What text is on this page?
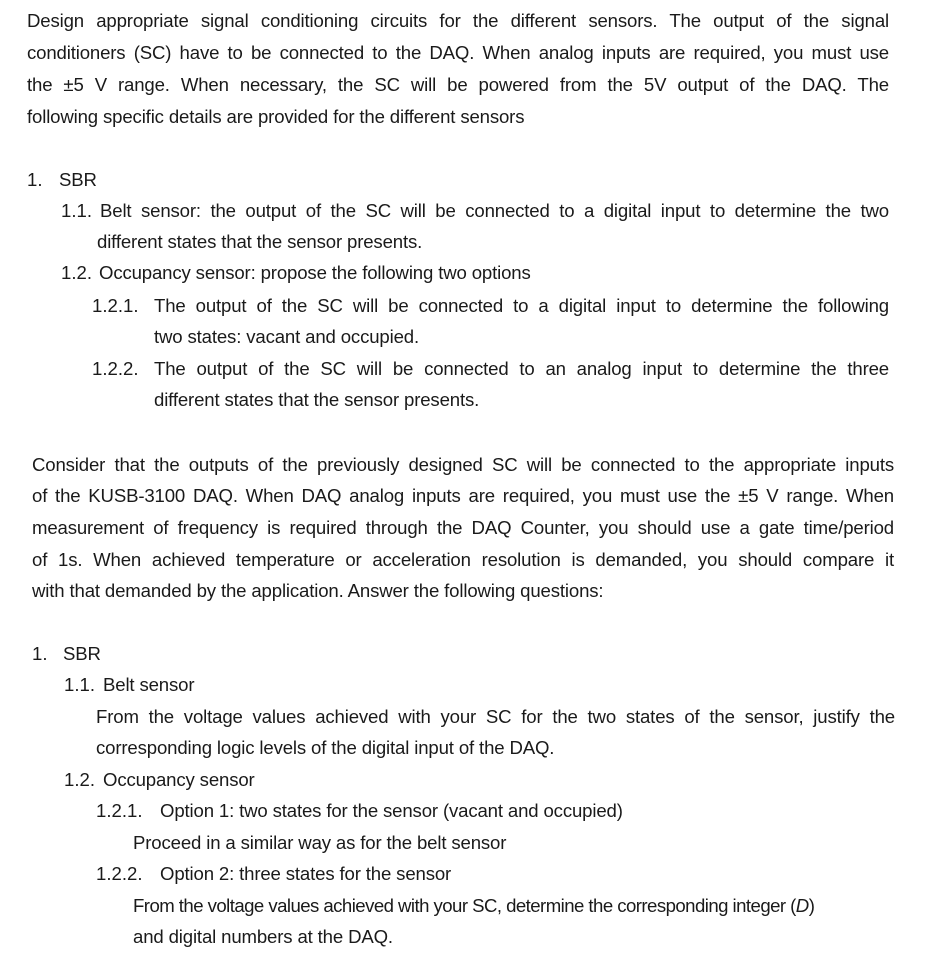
Design appropriate signal conditioning circuits for the different sensors. The output of the signal
conditioners (SC) have to be connected to the DAQ. When analog inputs are required, you must use
the ±5 V range. When necessary, the SC will be powered from the 5V output of the DAQ. The
following specific details are provided for the different sensors
1. SBR
1.1. Belt sensor: the output of the SC will be connected to a digital input to determine the two
different states that the sensor presents.
1.2. Occupancy sensor: propose the following two options
1.2.1. The output of the SC will be connected to a digital input to determine the following
two states: vacant and occupied.
1.2.2. The output of the SC will be connected to an analog input to determine the three
different states that the sensor presents.
Consider that the outputs of the previously designed SC will be connected to the appropriate inputs
of the KUSB-3100 DAQ. When DAQ analog inputs are required, you must use the ±5 V range. When
measurement of frequency is required through the DAQ Counter, you should use a gate time/period
of 1s. When achieved temperature or acceleration resolution is demanded, you should compare it
with that demanded by the application. Answer the following questions:
1. SBR
1.1. Belt sensor
From the voltage values achieved with your SC for the two states of the sensor, justify the
corresponding logic levels of the digital input of the DAQ.
1.2. Occupancy sensor
1.2.1. Option 1: two states for the sensor (vacant and occupied)
Proceed in a similar way as for the belt sensor
1.2.2. Option 2: three states for the sensor
From the voltage values achieved with your SC, determine the corresponding integer (D)
and digital numbers at the DAQ.
